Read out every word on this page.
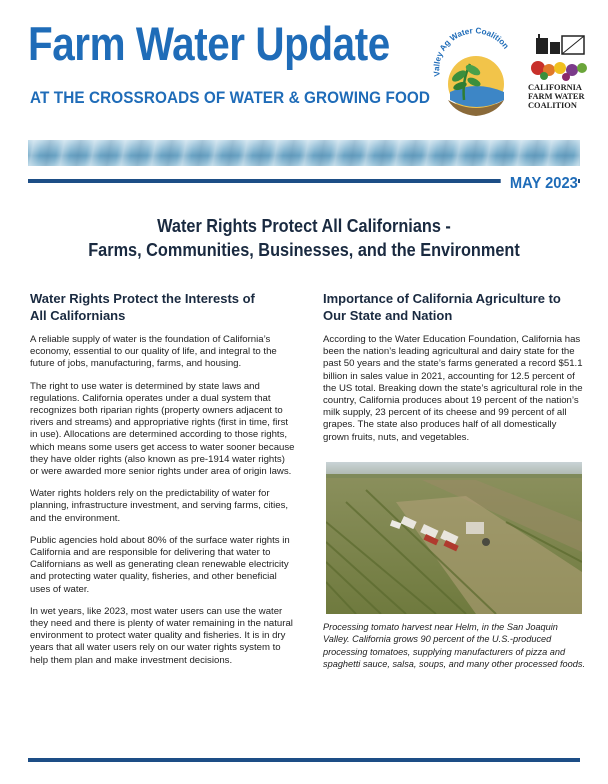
Farm Water Update
AT THE CROSSROADS OF WATER & GROWING FOOD
Valley Ag Water Coalition
CALIFORNIA
FARM WATER
COALITION
MAY 2023
Water Rights Protect All Californians -
Farms, Communities, Businesses, and the Environment
Water Rights Protect the Interests of All Californians

A reliable supply of water is the foundation of California’s economy, essential to our quality of life, and integral to the future of jobs, manufacturing, farms, and housing.

The right to use water is determined by state laws and regulations. California operates under a dual system that recognizes both riparian rights (property owners adjacent to rivers and streams) and appropriative rights (first in time, first in use). Allocations are determined according to those rights, which means some users get access to water sooner because they have older rights (also known as pre-1914 water rights) or were awarded more senior rights under area of origin laws.

Water rights holders rely on the predictability of water for planning, infrastructure investment, and serving farms, cities, and the environment.

Public agencies hold about 80% of the surface water rights in California and are responsible for delivering that water to Californians as well as generating clean renewable electricity and protecting water quality, fisheries, and other beneficial uses of water.

In wet years, like 2023, most water users can use the water they need and there is plenty of water remaining in the natural environment to protect water quality and fisheries. It is in dry years that all water users rely on our water rights system to help them plan and make investment decisions.

Importance of California Agriculture to Our State and Nation

According to the Water Education Foundation, California has been the nation’s leading agricultural and dairy state for the past 50 years and the state’s farms generated a record $51.1 billion in sales value in 2021, accounting for 12.5 percent of the US total. Breaking down the state’s agricultural role in the country, California produces about 19 percent of the nation’s milk supply, 23 percent of its cheese and 99 percent of all grapes. The state also produces half of all domestically grown fruits, nuts, and vegetables.

Processing tomato harvest near Helm, in the San Joaquin Valley. California grows 90 percent of the U.S.-produced processing tomatoes, supplying manufacturers of pizza and spaghetti sauce, salsa, soups, and many other processed foods.
